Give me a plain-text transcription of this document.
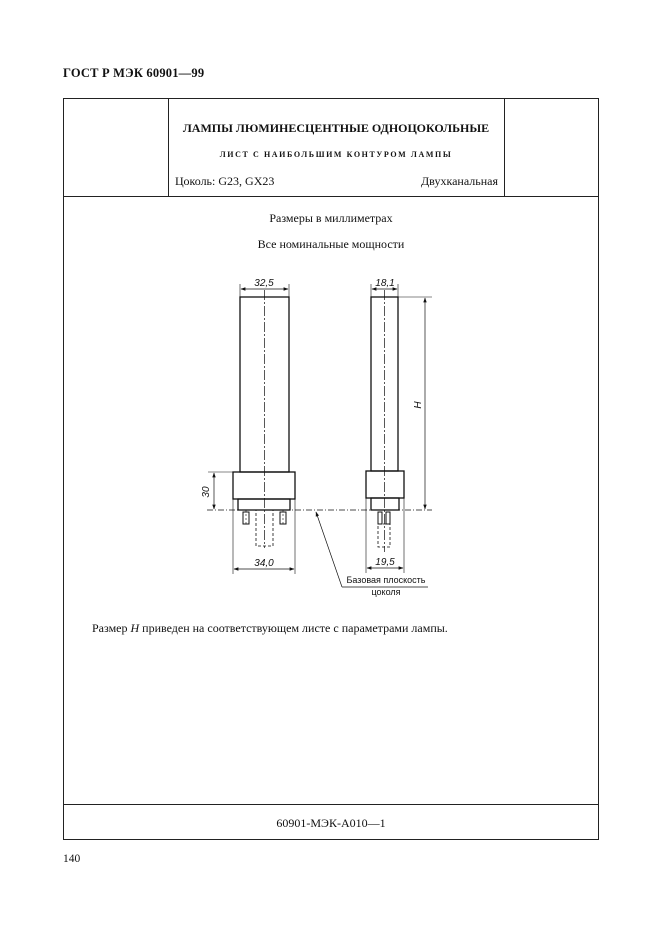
ГОСТ Р МЭК 60901—99
ЛАМПЫ ЛЮМИНЕСЦЕНТНЫЕ ОДНОЦОКОЛЬНЫЕ
ЛИСТ С НАИБОЛЬШИМ КОНТУРОМ ЛАМПЫ
Цоколь: G23, GX23	Двухканальная
Размеры в миллиметрах
Все номинальные мощности
32,5	18,1
34,0	19,5
30
H
Базовая плоскость
цоколя
Размер H приведен на соответствующем листе с параметрами лампы.
60901-МЭК-А010—1
140
